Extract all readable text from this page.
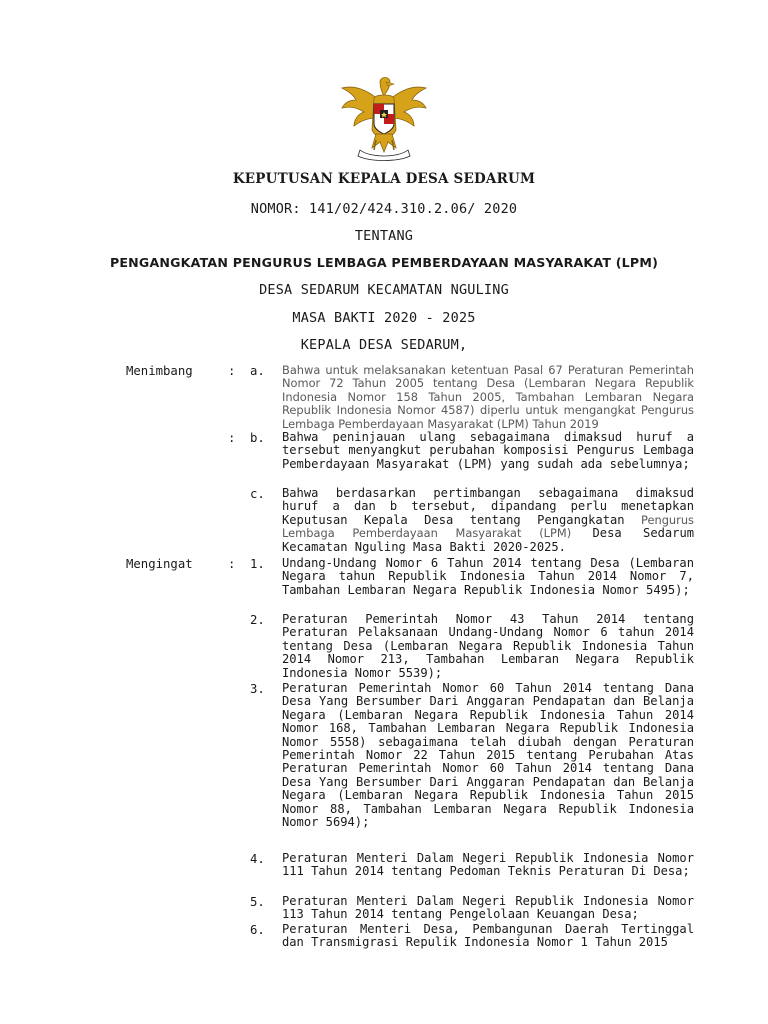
KEPUTUSAN KEPALA DESA SEDARUM
NOMOR: 141/02/424.310.2.06/ 2020
TENTANG
PENGANGKATAN PENGURUS LEMBAGA PEMBERDAYAAN MASYARAKAT (LPM)
DESA SEDARUM KECAMATAN NGULING
MASA BAKTI 2020 - 2025
KEPALA DESA SEDARUM,
Menimbang	: a. Bahwa untuk melaksanakan ketentuan Pasal 67 Peraturan Pemerintah Nomor 72 Tahun 2005 tentang Desa (Lembaran Negara Republik Indonesia Nomor 158 Tahun 2005, Tambahan Lembaran Negara Republik Indonesia Nomor 4587) diperlu untuk mengangkat Pengurus Lembaga Pemberdayaan Masyarakat (LPM) Tahun 2019
: b. Bahwa peninjauan ulang sebagaimana dimaksud huruf a tersebut menyangkut perubahan komposisi Pengurus Lembaga Pemberdayaan Masyarakat (LPM) yang sudah ada sebelumnya;
c. Bahwa berdasarkan pertimbangan sebagaimana dimaksud huruf a dan b tersebut, dipandang perlu menetapkan Keputusan Kepala Desa tentang Pengangkatan Pengurus Lembaga Pemberdayaan Masyarakat (LPM) Desa Sedarum Kecamatan Nguling Masa Bakti 2020-2025.
Mengingat	: 1. Undang-Undang Nomor 6 Tahun 2014 tentang Desa (Lembaran Negara tahun Republik Indonesia Tahun 2014 Nomor 7, Tambahan Lembaran Negara Republik Indonesia Nomor 5495);
2. Peraturan Pemerintah Nomor 43 Tahun 2014 tentang Peraturan Pelaksanaan Undang-Undang Nomor 6 tahun 2014 tentang Desa (Lembaran Negara Republik Indonesia Tahun 2014 Nomor 213, Tambahan Lembaran Negara Republik Indonesia Nomor 5539);
3. Peraturan Pemerintah Nomor 60 Tahun 2014 tentang Dana Desa Yang Bersumber Dari Anggaran Pendapatan dan Belanja Negara (Lembaran Negara Republik Indonesia Tahun 2014 Nomor 168, Tambahan Lembaran Negara Republik Indonesia Nomor 5558) sebagaimana telah diubah dengan Peraturan Pemerintah Nomor 22 Tahun 2015 tentang Perubahan Atas Peraturan Pemerintah Nomor 60 Tahun 2014 tentang Dana Desa Yang Bersumber Dari Anggaran Pendapatan dan Belanja Negara (Lembaran Negara Republik Indonesia Tahun 2015 Nomor 88, Tambahan Lembaran Negara Republik Indonesia Nomor 5694);
4. Peraturan Menteri Dalam Negeri Republik Indonesia Nomor 111 Tahun 2014 tentang Pedoman Teknis Peraturan Di Desa;
5. Peraturan Menteri Dalam Negeri Republik Indonesia Nomor 113 Tahun 2014 tentang Pengelolaan Keuangan Desa;
6. Peraturan Menteri Desa, Pembangunan Daerah Tertinggal dan Transmigrasi Repulik Indonesia Nomor 1 Tahun 2015
